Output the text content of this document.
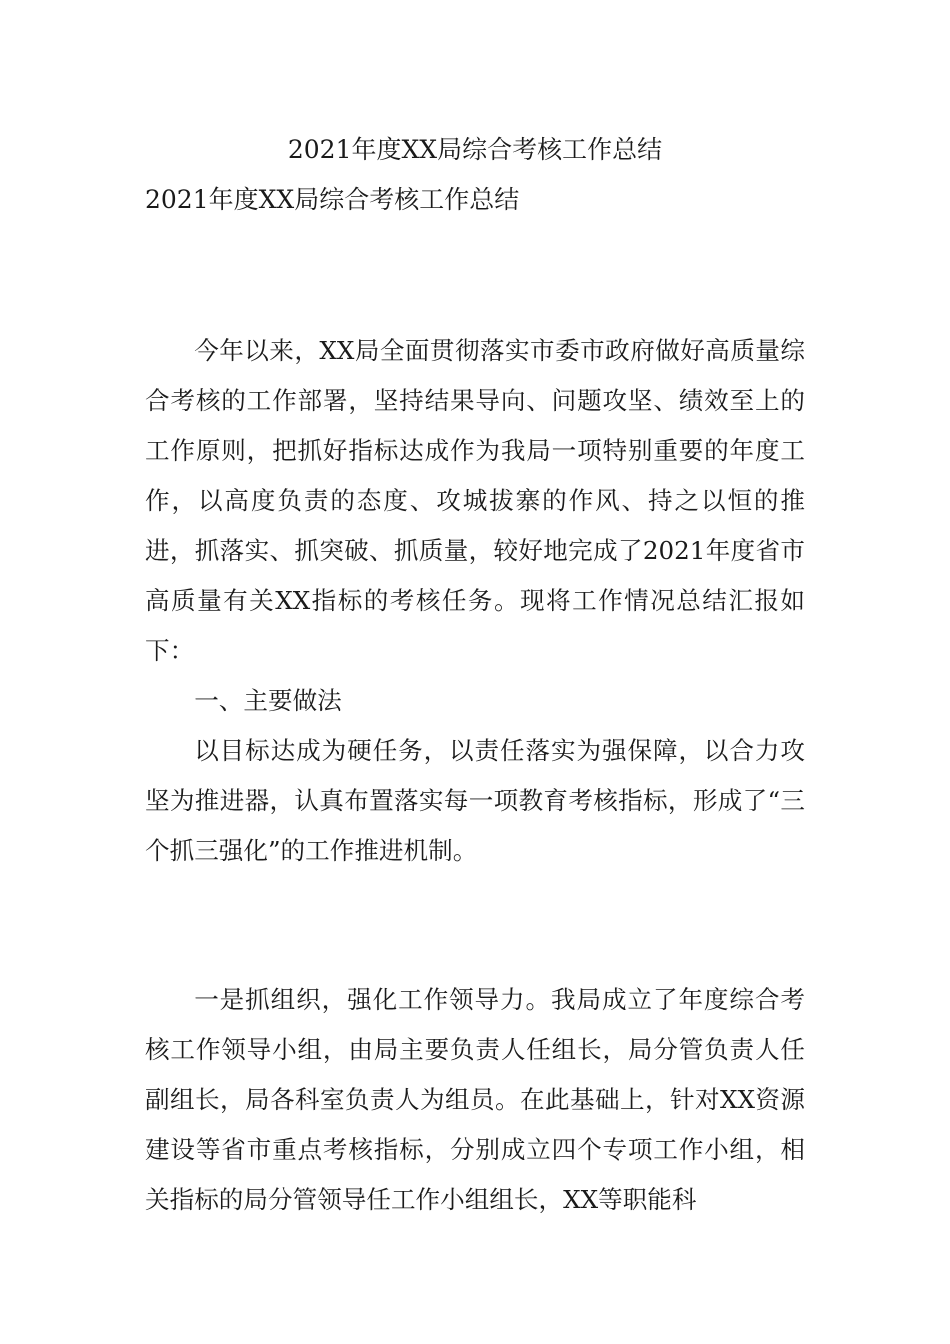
2021年度XX局综合考核工作总结
2021年度XX局综合考核工作总结

今年以来，XX局全面贯彻落实市委市政府做好高质量综合考核的工作部署，坚持结果导向、问题攻坚、绩效至上的工作原则，把抓好指标达成作为我局一项特别重要的年度工作，以高度负责的态度、攻城拔寨的作风、持之以恒的推进，抓落实、抓突破、抓质量，较好地完成了2021年度省市高质量有关XX指标的考核任务。现将工作情况总结汇报如下：

一、主要做法

以目标达成为硬任务，以责任落实为强保障，以合力攻坚为推进器，认真布置落实每一项教育考核指标，形成了“三个抓三强化”的工作推进机制。

一是抓组织，强化工作领导力。我局成立了年度综合考核工作领导小组，由局主要负责人任组长，局分管负责人任副组长，局各科室负责人为组员。在此基础上，针对XX资源建设等省市重点考核指标，分别成立四个专项工作小组，相关指标的局分管领导任工作小组组长，XX等职能科
